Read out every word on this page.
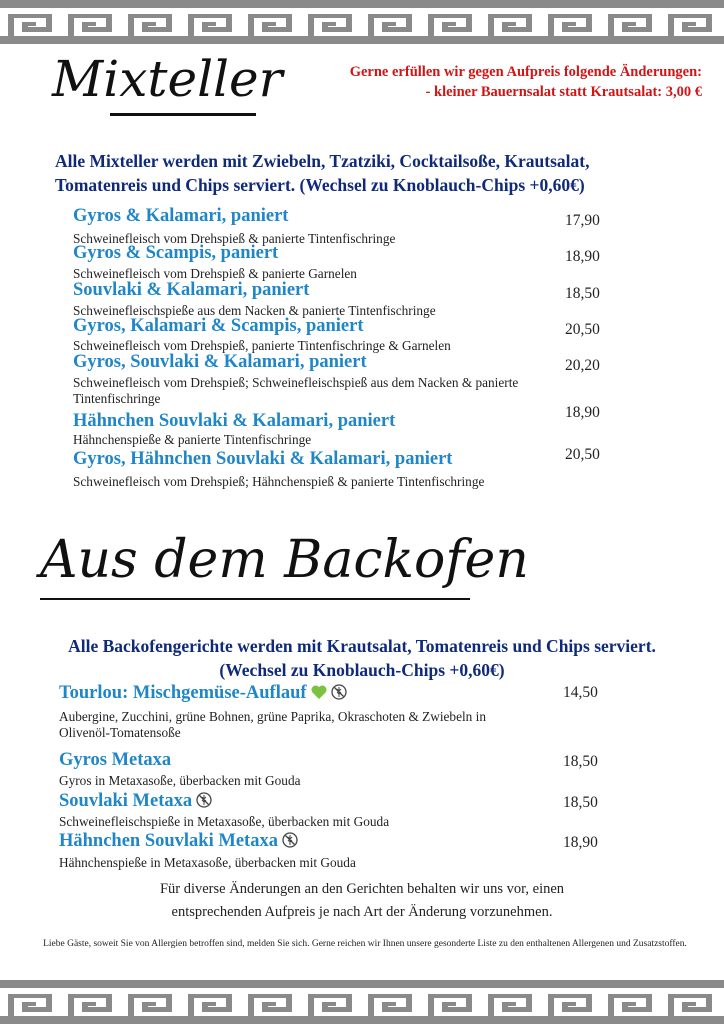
Mixteller	Gerne erfüllen wir gegen Aufpreis folgende Änderungen:
- kleiner Bauernsalat statt Krautsalat: 3,00 €
Alle Mixteller werden mit Zwiebeln, Tzatziki, Cocktailsoße, Krautsalat,
Tomatenreis und Chips serviert. (Wechsel zu Knoblauch-Chips +0,60€)
Gyros & Kalamari, paniert
Schweinefleisch vom Drehspieß & panierte Tintenfischringe
17,90
Gyros & Scampis, paniert
Schweinefleisch vom Drehspieß & panierte Garnelen
18,90
Souvlaki & Kalamari, paniert
Schweinefleischspieße aus dem Nacken & panierte Tintenfischringe
18,50
Gyros, Kalamari & Scampis, paniert
Schweinefleisch vom Drehspieß, panierte Tintenfischringe & Garnelen
20,50
Gyros, Souvlaki & Kalamari, paniert
Schweinefleisch vom Drehspieß; Schweinefleischspieß aus dem Nacken & panierte Tintenfischringe
20,20
Hähnchen Souvlaki & Kalamari, paniert
Hähnchenspieße & panierte Tintenfischringe
18,90
Gyros, Hähnchen Souvlaki & Kalamari, paniert
Schweinefleisch vom Drehspieß; Hähnchenspieß & panierte Tintenfischringe
20,50
Aus dem Backofen
Alle Backofengerichte werden mit Krautsalat, Tomatenreis und Chips serviert.
(Wechsel zu Knoblauch-Chips +0,60€)
Tourlou: Mischgemüse-Auflauf
Aubergine, Zucchini, grüne Bohnen, grüne Paprika, Okraschoten & Zwiebeln in Olivenöl-Tomatensoße
14,50
Gyros Metaxa
Gyros in Metaxasoße, überbacken mit Gouda
18,50
Souvlaki Metaxa
Schweinefleischspieße in Metaxasoße, überbacken mit Gouda
18,50
Hähnchen Souvlaki Metaxa
Hähnchenspieße in Metaxasoße, überbacken mit Gouda
18,90
Für diverse Änderungen an den Gerichten behalten wir uns vor, einen
entsprechenden Aufpreis je nach Art der Änderung vorzunehmen.
Liebe Gäste, soweit Sie von Allergien betroffen sind, melden Sie sich. Gerne reichen wir Ihnen unsere gesonderte Liste zu den enthaltenen Allergenen und Zusatzstoffen.
